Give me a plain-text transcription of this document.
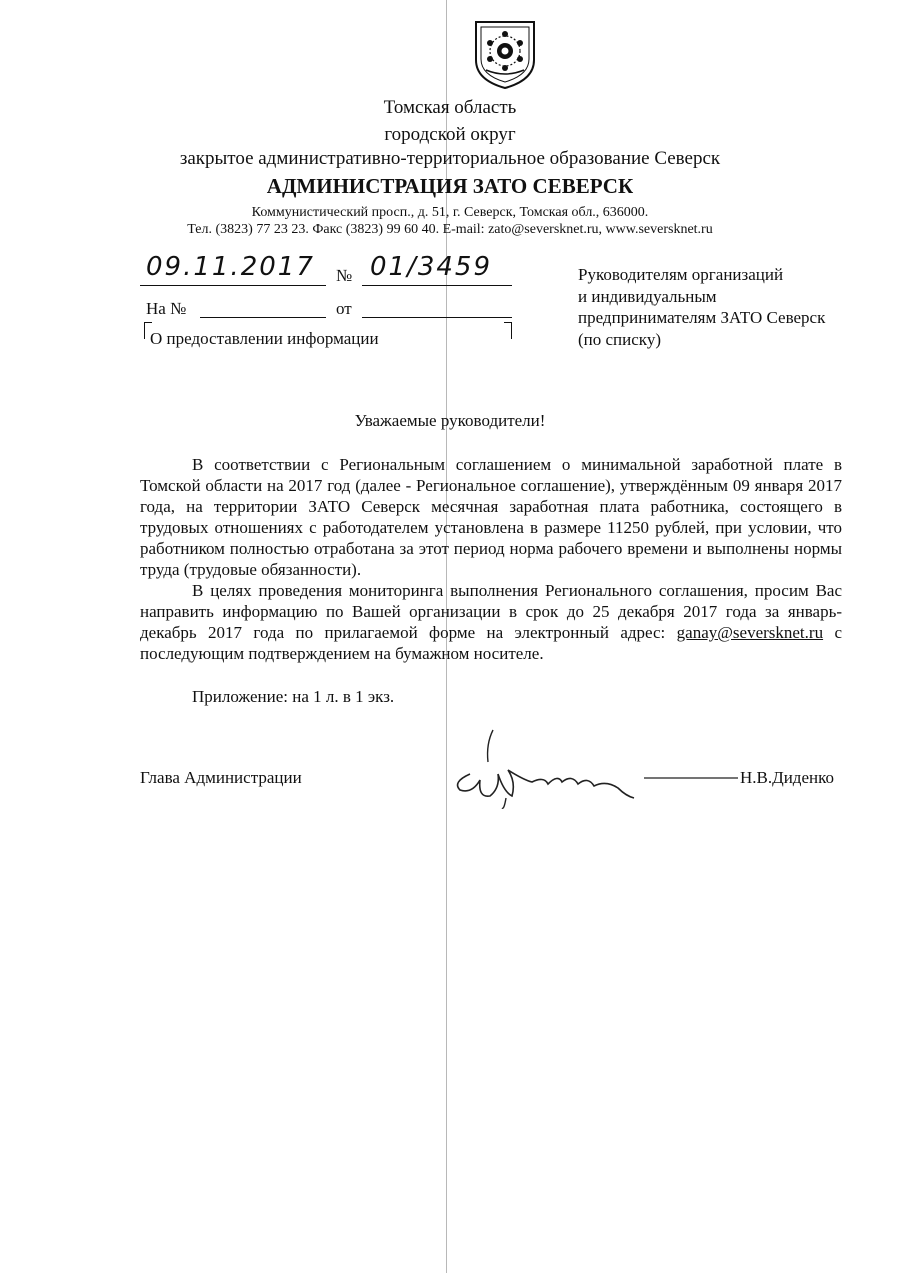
Томская область
городской округ
закрытое административно-территориальное образование Северск
АДМИНИСТРАЦИЯ ЗАТО СЕВЕРСК
Коммунистический просп., д. 51, г. Северск, Томская обл., 636000.
Тел. (3823) 77 23 23. Факс (3823) 99 60 40. E-mail: zato@seversknet.ru, www.seversknet.ru
09.11.2017 № 01/3459
На №	от
О предоставлении информации
Руководителям организаций
и индивидуальным
предпринимателям ЗАТО Северск
(по списку)
Уважаемые руководители!

В соответствии с Региональным соглашением о минимальной заработной плате в Томской области на 2017 год (далее - Региональное соглашение), утверждённым 09 января 2017 года, на территории ЗАТО Северск месячная заработная плата работника, состоящего в трудовых отношениях с работодателем установлена в размере 11250 рублей, при условии, что работником полностью отработана за этот период норма рабочего времени и выполнены нормы труда (трудовые обязанности).

В целях проведения мониторинга выполнения Регионального соглашения, просим Вас направить информацию по Вашей организации в срок до 25 декабря 2017 года за январь-декабрь 2017 года по прилагаемой форме на электронный адрес: ganay@seversknet.ru с последующим подтверждением на бумажном носителе.

Приложение: на 1 л. в 1 экз.

Глава Администрации	Н.В.Диденко
